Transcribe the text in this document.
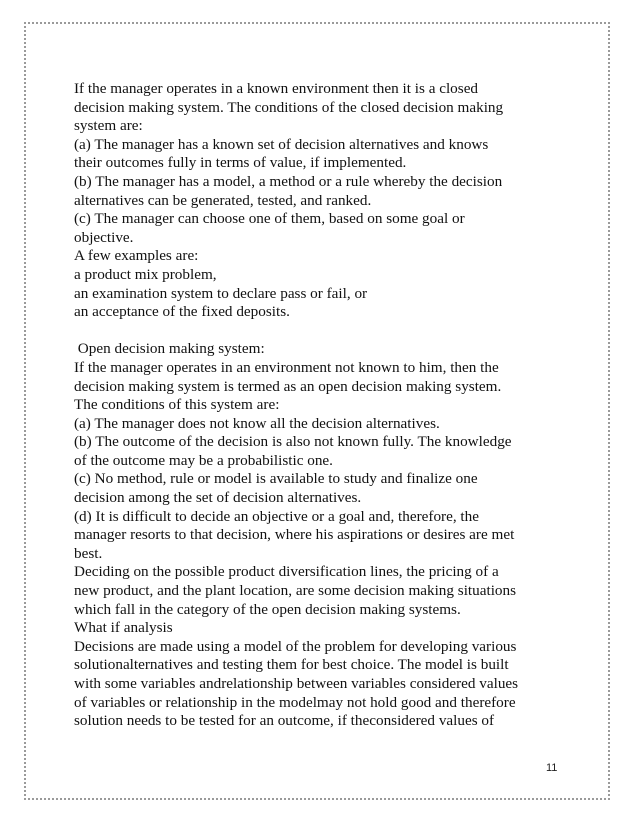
If the manager operates in a known environment then it is a closed
decision making system. The conditions of the closed decision making
system are:
(a) The manager has a known set of decision alternatives and knows
their outcomes fully in terms of value, if implemented.
(b) The manager has a model, a method or a rule whereby the decision
alternatives can be generated, tested, and ranked.
(c) The manager can choose one of them, based on some goal or
objective.
A few examples are:
a product mix problem,
an examination system to declare pass or fail, or
an acceptance of the fixed deposits.
Open decision making system:
If the manager operates in an environment not known to him, then the
decision making system is termed as an open decision making system.
The conditions of this system are:
(a) The manager does not know all the decision alternatives.
(b) The outcome of the decision is also not known fully. The knowledge
of the outcome may be a probabilistic one.
(c) No method, rule or model is available to study and finalize one
decision among the set of decision alternatives.
(d) It is difficult to decide an objective or a goal and, therefore, the
manager resorts to that decision, where his aspirations or desires are met
best.
Deciding on the possible product diversification lines, the pricing of a
new product, and the plant location, are some decision making situations
which fall in the category of the open decision making systems.
What if analysis
Decisions are made using a model of the problem for developing various
solutionalternatives and testing them for best choice. The model is built
with some variables andrelationship between variables considered values
of variables or relationship in the modelmay not hold good and therefore
solution needs to be tested for an outcome, if theconsidered values of
11
